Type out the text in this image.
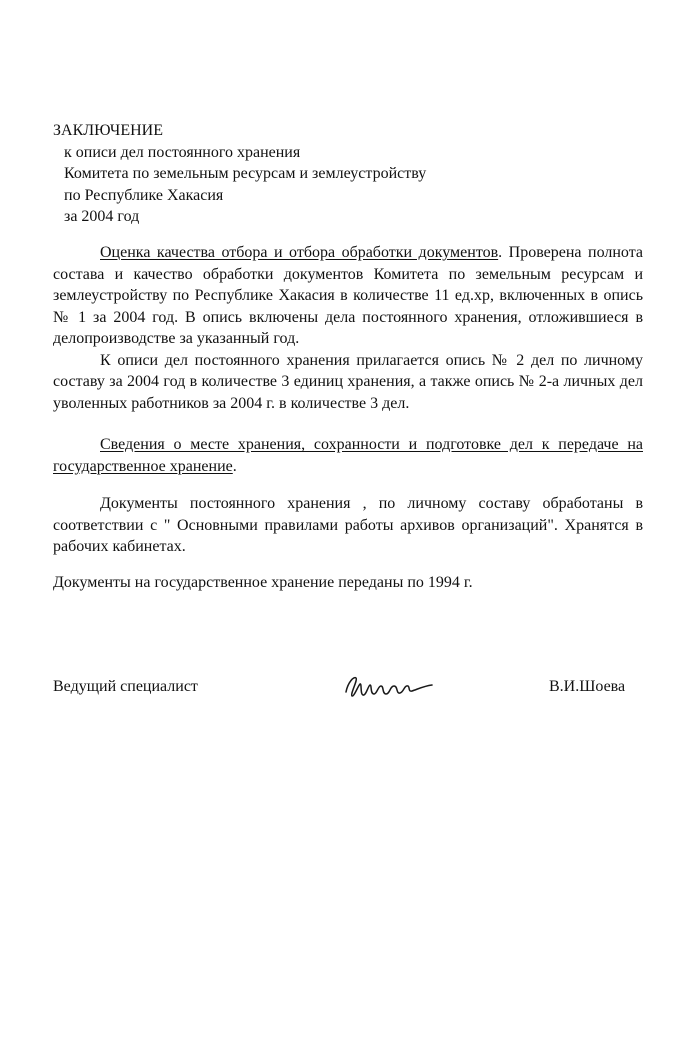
ЗАКЛЮЧЕНИЕ
к описи дел постоянного хранения
Комитета по земельным ресурсам и землеустройству
по Республике Хакасия
за 2004 год
Оценка качества отбора и отбора обработки документов. Проверена полнота состава и качество обработки документов Комитета по земельным ресурсам и землеустройству по Республике Хакасия в количестве 11 ед.хр, включенных в опись № 1 за 2004 год. В опись включены дела постоянного хранения, отложившиеся в делопроизводстве за указанный год.
К описи дел постоянного хранения прилагается опись № 2 дел по личному составу за 2004 год в количестве 3 единиц хранения, а также опись № 2-а личных дел уволенных работников за 2004 г. в количестве 3 дел.
Сведения о месте хранения, сохранности и подготовке дел к передаче на государственное хранение.
Документы постоянного хранения , по личному составу обработаны в соответствии с " Основными правилами работы архивов организаций". Хранятся в рабочих кабинетах.
Документы на государственное хранение переданы по 1994 г.
Ведущий специалист	В.И.Шоева
